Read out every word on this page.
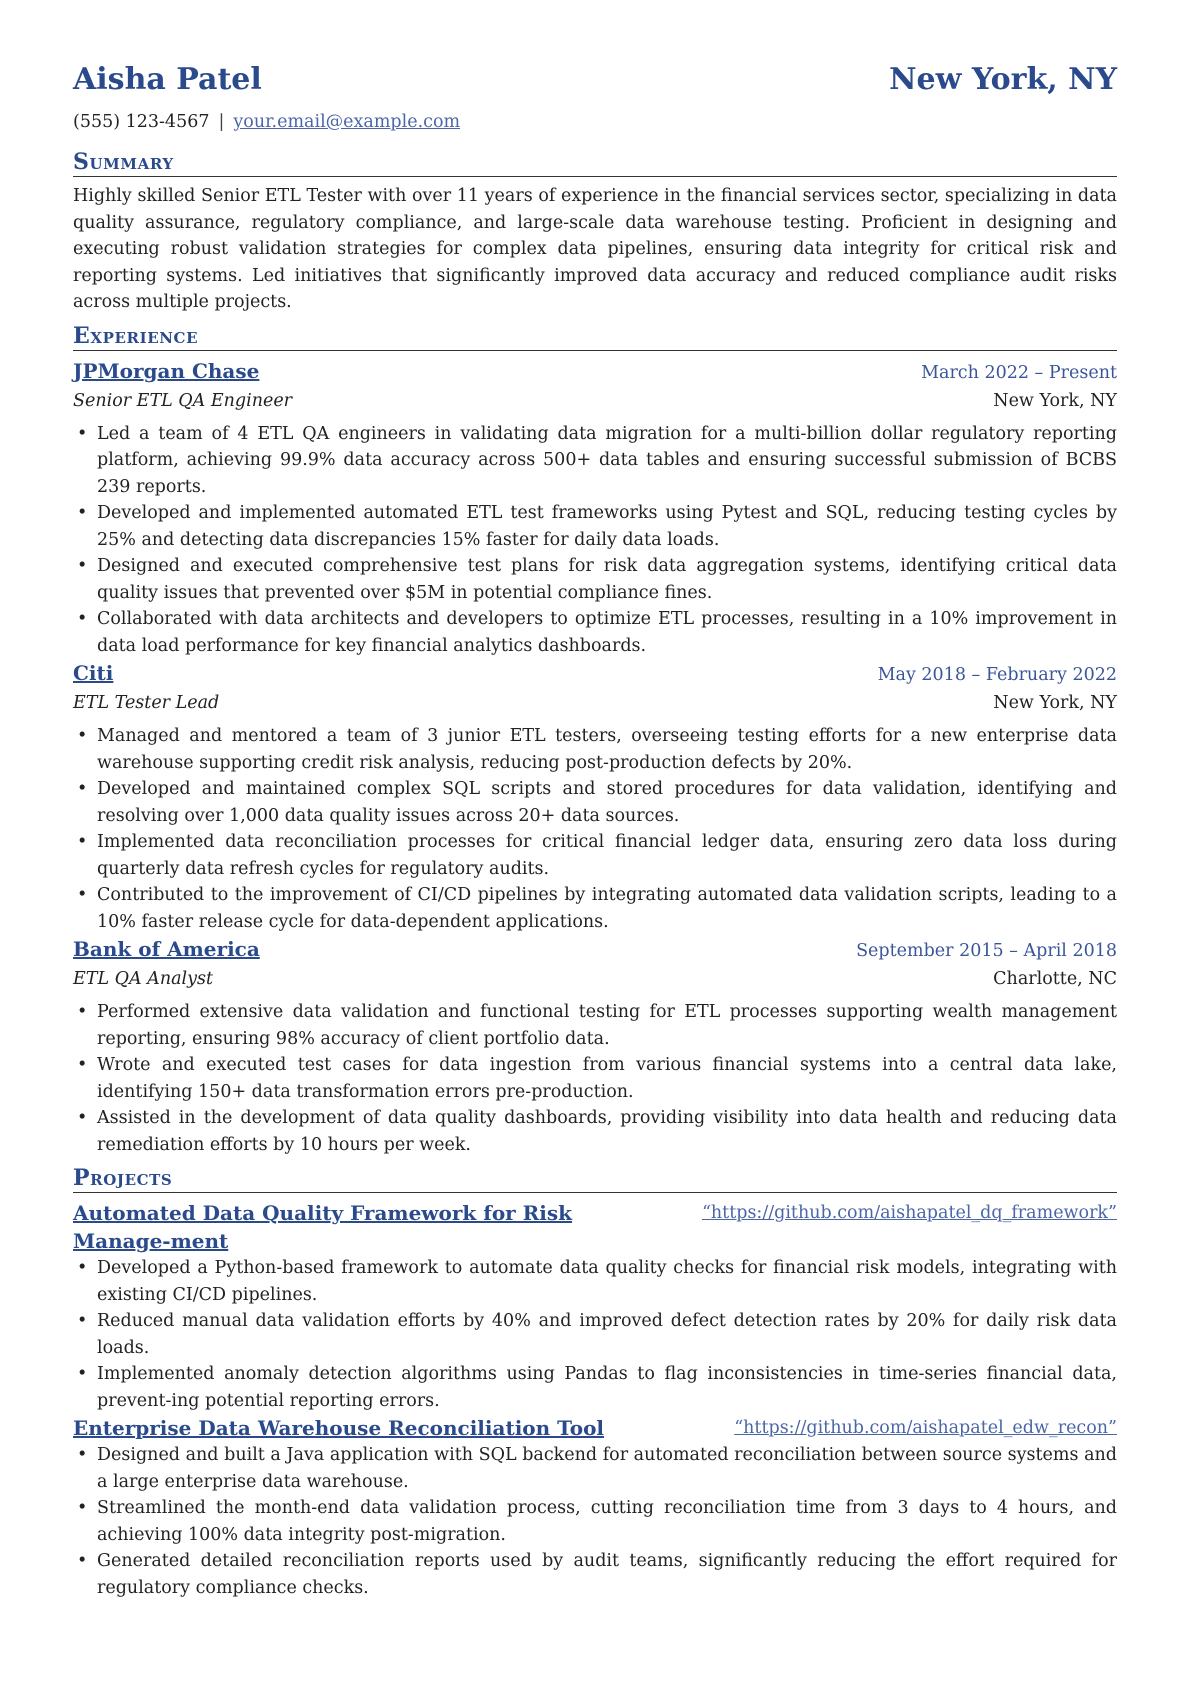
Aisha Patel	New York, NY
(555) 123-4567 | your.email@example.com
Summary
Highly skilled Senior ETL Tester with over 11 years of experience in the financial services sector, specializing in data quality assurance, regulatory compliance, and large-scale data warehouse testing. Proficient in designing and executing robust validation strategies for complex data pipelines, ensuring data integrity for critical risk and reporting systems. Led initiatives that significantly improved data accuracy and reduced compliance audit risks across multiple projects.
Experience
JPMorgan Chase	March 2022 – Present
Senior ETL QA Engineer	New York, NY
• Led a team of 4 ETL QA engineers in validating data migration for a multi-billion dollar regulatory reporting platform, achieving 99.9% data accuracy across 500+ data tables and ensuring successful submission of BCBS 239 reports.
• Developed and implemented automated ETL test frameworks using Pytest and SQL, reducing testing cycles by 25% and detecting data discrepancies 15% faster for daily data loads.
• Designed and executed comprehensive test plans for risk data aggregation systems, identifying critical data quality issues that prevented over $5M in potential compliance fines.
• Collaborated with data architects and developers to optimize ETL processes, resulting in a 10% improvement in data load performance for key financial analytics dashboards.
Citi	May 2018 – February 2022
ETL Tester Lead	New York, NY
• Managed and mentored a team of 3 junior ETL testers, overseeing testing efforts for a new enterprise data warehouse supporting credit risk analysis, reducing post-production defects by 20%.
• Developed and maintained complex SQL scripts and stored procedures for data validation, identifying and resolving over 1,000 data quality issues across 20+ data sources.
• Implemented data reconciliation processes for critical financial ledger data, ensuring zero data loss during quarterly data refresh cycles for regulatory audits.
• Contributed to the improvement of CI/CD pipelines by integrating automated data validation scripts, leading to a 10% faster release cycle for data-dependent applications.
Bank of America	September 2015 – April 2018
ETL QA Analyst	Charlotte, NC
• Performed extensive data validation and functional testing for ETL processes supporting wealth management reporting, ensuring 98% accuracy of client portfolio data.
• Wrote and executed test cases for data ingestion from various financial systems into a central data lake, identifying 150+ data transformation errors pre-production.
• Assisted in the development of data quality dashboards, providing visibility into data health and reducing data remediation efforts by 10 hours per week.
Projects
Automated Data Quality Framework for Risk Manage-ment
“https://github.com/aishapatel_dq_framework”
• Developed a Python-based framework to automate data quality checks for financial risk models, integrating with existing CI/CD pipelines.
• Reduced manual data validation efforts by 40% and improved defect detection rates by 20% for daily risk data loads.
• Implemented anomaly detection algorithms using Pandas to flag inconsistencies in time-series financial data, prevent-ing potential reporting errors.
Enterprise Data Warehouse Reconciliation Tool	“https://github.com/aishapatel_edw_recon”
• Designed and built a Java application with SQL backend for automated reconciliation between source systems and a large enterprise data warehouse.
• Streamlined the month-end data validation process, cutting reconciliation time from 3 days to 4 hours, and achieving 100% data integrity post-migration.
• Generated detailed reconciliation reports used by audit teams, significantly reducing the effort required for regulatory compliance checks.
